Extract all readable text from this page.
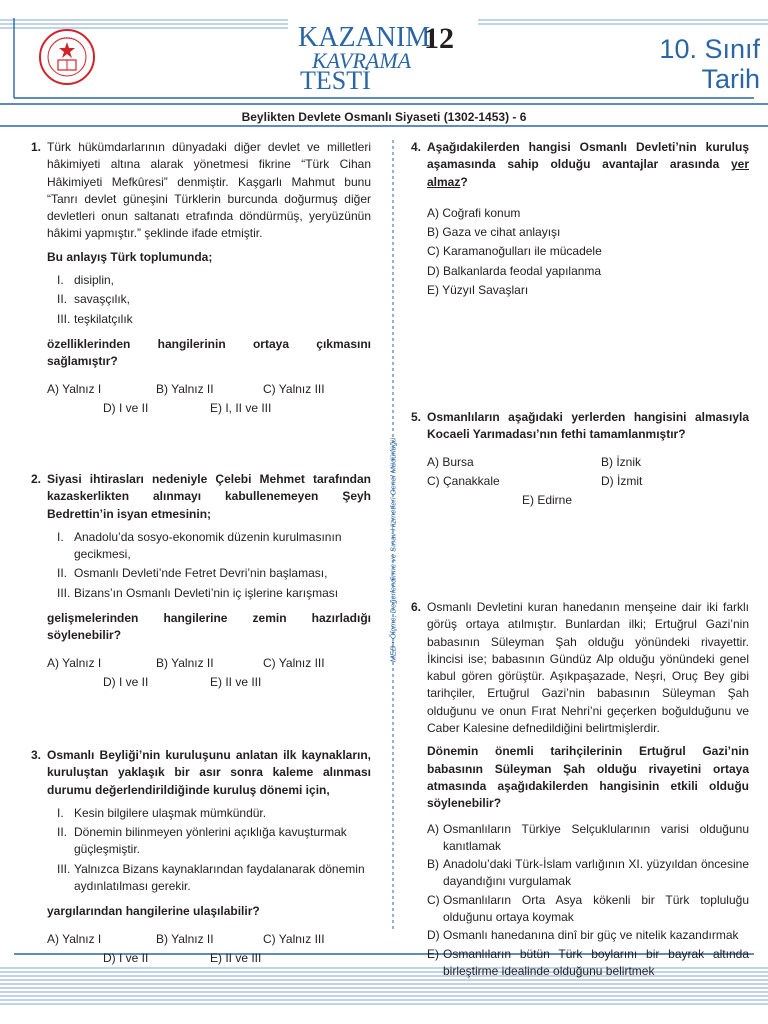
KAZANIM
KAVRAMA
TESTİ
12	10. Sınıf
Tarih
Beylikten Devlete Osmanlı Siyaseti (1302-1453) - 6
MEB • Ölçme, Değerlendirme ve Sınav Hizmetleri Genel Müdürlüğü
1. Türk hükümdarlarının dünyadaki diğer devlet ve milletleri hâkimiyeti altına alarak yönetmesi fikrine “Türk Cihan Hâkimiyeti Mefkûresi” denmiştir. Kaşgarlı Mahmut bunu “Tanrı devlet güneşini Türklerin burcunda doğurmuş diğer devletleri onun saltanatı etrafında döndürmüş, yeryüzünün hâkimi yapmıştır.” şeklinde ifade etmiştir.

Bu anlayış Türk toplumunda;

I. disiplin,
II. savaşçılık,
III. teşkilatçılık

özelliklerinden hangilerinin ortaya çıkmasını sağlamıştır?

A) Yalnız I	B) Yalnız II	C) Yalnız III
D) I ve II	E) I, II ve III
2. Siyasi ihtirasları nedeniyle Çelebi Mehmet tarafından kazaskerlikten alınmayı kabullenemeyen Şeyh Bedrettin’in isyan etmesinin;

I. Anadolu’da sosyo-ekonomik düzenin kurulmasının gecikmesi,
II. Osmanlı Devleti’nde Fetret Devri’nin başlaması,
III. Bizans’ın Osmanlı Devleti’nin iç işlerine karışması

gelişmelerinden hangilerine zemin hazırladığı söylenebilir?

A) Yalnız I	B) Yalnız II	C) Yalnız III
D) I ve II	E) II ve III
3. Osmanlı Beyliği’nin kuruluşunu anlatan ilk kaynakların, kuruluştan yaklaşık bir asır sonra kaleme alınması durumu değerlendirildiğinde kuruluş dönemi için,

I. Kesin bilgilere ulaşmak mümkündür.
II. Dönemin bilinmeyen yönlerini açıklığa kavuşturmak güçleşmiştir.
III. Yalnızca Bizans kaynaklarından faydalanarak dönemin aydınlatılması gerekir.

yargılarından hangilerine ulaşılabilir?

A) Yalnız I	B) Yalnız II	C) Yalnız III
D) I ve II	E) II ve III
4. Aşağıdakilerden hangisi Osmanlı Devleti’nin kuruluş aşamasında sahip olduğu avantajlar arasında yer almaz?

A) Coğrafi konum
B) Gaza ve cihat anlayışı
C) Karamanoğulları ile mücadele
D) Balkanlarda feodal yapılanma
E) Yüzyıl Savaşları
5. Osmanlıların aşağıdaki yerlerden hangisini almasıyla Kocaeli Yarımadası’nın fethi tamamlanmıştır?

A) Bursa	B) İznik
C) Çanakkale	D) İzmit
E) Edirne
6. Osmanlı Devletini kuran hanedanın menşeine dair iki farklı görüş ortaya atılmıştır. Bunlardan ilki; Ertuğrul Gazi’nin babasının Süleyman Şah olduğu yönündeki rivayettir. İkincisi ise; babasının Gündüz Alp olduğu yönündeki genel kabul gören görüştür. Aşıkpaşazade, Neşri, Oruç Bey gibi tarihçiler, Ertuğrul Gazi’nin babasının Süleyman Şah olduğunu ve onun Fırat Nehri’ni geçerken boğulduğunu ve Caber Kalesine defnedildiğini belirtmişlerdir.

Dönemin önemli tarihçilerinin Ertuğrul Gazi’nin babasının Süleyman Şah olduğu rivayetini ortaya atmasında aşağıdakilerden hangisinin etkili olduğu söylenebilir?

A) Osmanlıların Türkiye Selçuklularının varisi olduğunu kanıtlamak
B) Anadolu’daki Türk-İslam varlığının XI. yüzyıldan öncesine dayandığını vurgulamak
C) Osmanlıların Orta Asya kökenli bir Türk topluluğu olduğunu ortaya koymak
D) Osmanlı hanedanına dinî bir güç ve nitelik kazandırmak
E) Osmanlıların bütün Türk boylarını bir bayrak altında birleştirme idealinde olduğunu belirtmek
